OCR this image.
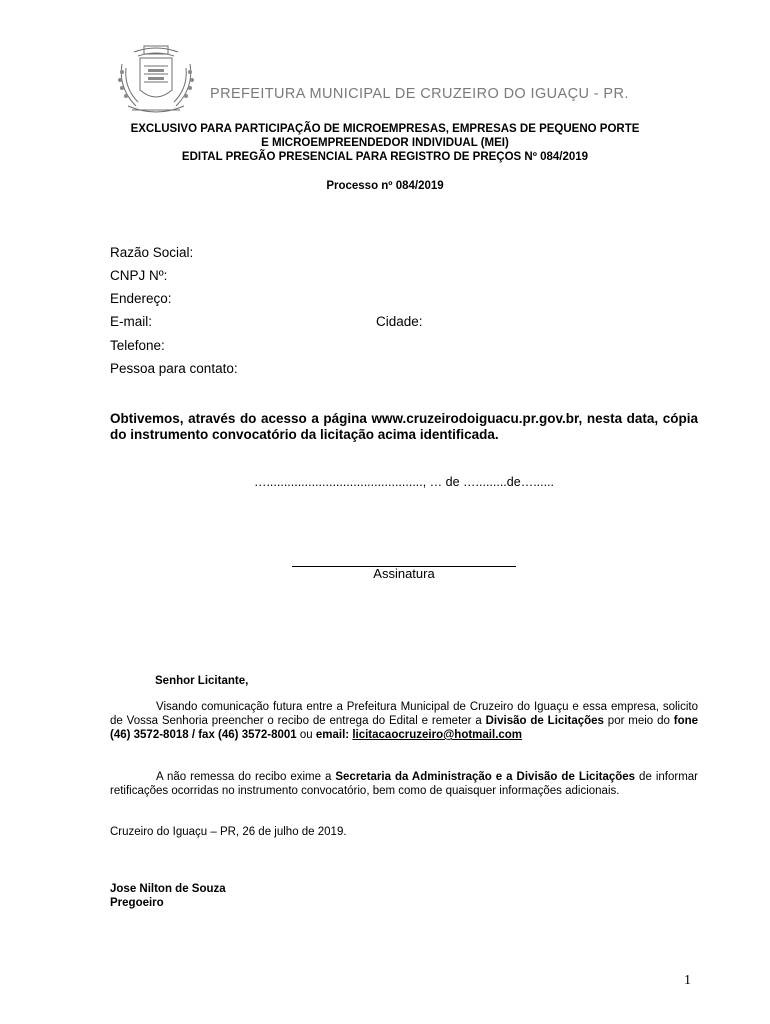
PREFEITURA MUNICIPAL DE CRUZEIRO DO IGUAÇU - PR.
EXCLUSIVO PARA PARTICIPAÇÃO DE MICROEMPRESAS, EMPRESAS DE PEQUENO PORTE
E MICROEMPREENDEDOR INDIVIDUAL (MEI)
EDITAL PREGÃO PRESENCIAL PARA REGISTRO DE PREÇOS Nº 084/2019
Processo nº 084/2019
Razão Social:
CNPJ Nº:
Endereço:
E-mail:	Cidade:
Telefone:
Pessoa para contato:
Obtivemos, através do acesso a página www.cruzeirodoiguacu.pr.gov.br, nesta data, cópia do instrumento convocatório da licitação acima identificada.
…............................................., … de ….........de…......
Assinatura
Senhor Licitante,
Visando comunicação futura entre a Prefeitura Municipal de Cruzeiro do Iguaçu e essa empresa, solicito de Vossa Senhoria preencher o recibo de entrega do Edital e remeter a Divisão de Licitações por meio do fone (46) 3572-8018 / fax (46) 3572-8001 ou email: licitacaocruzeiro@hotmail.com
A não remessa do recibo exime a Secretaria da Administração e a Divisão de Licitações de informar retificações ocorridas no instrumento convocatório, bem como de quaisquer informações adicionais.
Cruzeiro do Iguaçu – PR, 26 de julho de 2019.
Jose Nilton de Souza
Pregoeiro
1
